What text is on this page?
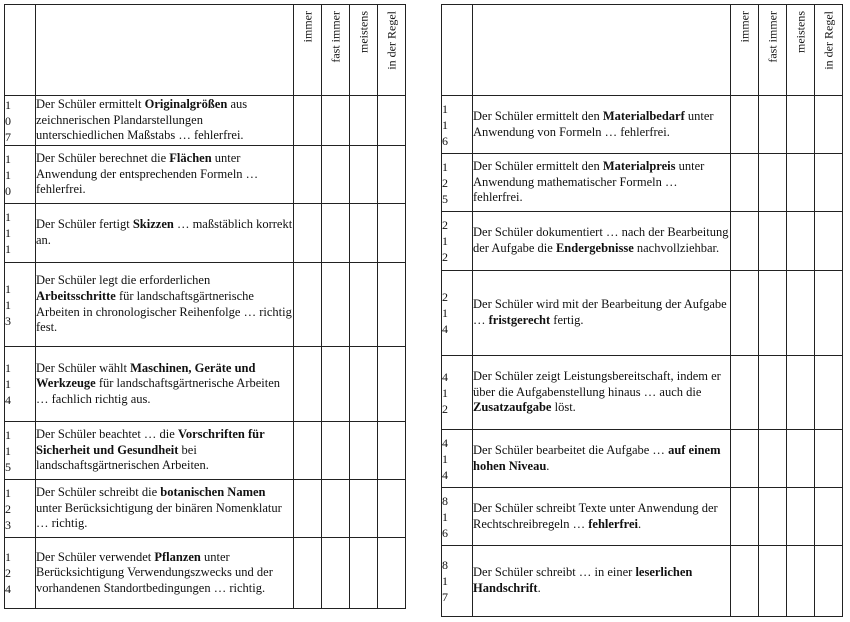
		immer	fast immer	meistens	in der Regel

1
0
7	Der Schüler ermittelt Originalgrößen aus zeichnerischen Plandarstellungen unterschiedlichen Maßstabs … fehlerfrei.				

1
1
0	Der Schüler berechnet die Flächen unter Anwendung der entsprechenden Formeln … fehlerfrei.				

1
1
1	Der Schüler fertigt Skizzen … maßstäblich korrekt an.				

1
1
3	Der Schüler legt die erforderlichen Arbeitsschritte für landschaftsgärtnerische Arbeiten in chronologischer Reihenfolge … richtig fest.				

1
1
4	Der Schüler wählt Maschinen, Geräte und Werkzeuge für landschaftsgärtnerische Arbeiten … fachlich richtig aus.				

1
1
5	Der Schüler beachtet … die Vorschriften für Sicherheit und Gesundheit bei landschaftsgärtnerischen Arbeiten.				

1
2
3	Der Schüler schreibt die botanischen Namen unter Berücksichtigung der binären Nomenklatur … richtig.				

1
2
4	Der Schüler verwendet Pflanzen unter Berücksichtigung Verwendungszwecks und der vorhandenen Standortbedingungen … richtig.				

		immer	fast immer	meistens	in der Regel

1
1
6	Der Schüler ermittelt den Materialbedarf unter Anwendung von Formeln … fehlerfrei.				

1
2
5	Der Schüler ermittelt den Materialpreis unter Anwendung mathematischer Formeln … fehlerfrei.				

2
1
2	Der Schüler dokumentiert … nach der Bearbeitung der Aufgabe die Endergebnisse nachvollziehbar.				

2
1
4	Der Schüler wird mit der Bearbeitung der Aufgabe … fristgerecht fertig.				

4
1
2	Der Schüler zeigt Leistungsbereitschaft, indem er über die Aufgabenstellung hinaus … auch die Zusatzaufgabe löst.				

4
1
4	Der Schüler bearbeitet die Aufgabe … auf einem hohen Niveau.				

8
1
6	Der Schüler schreibt Texte unter Anwendung der Rechtschreibregeln … fehlerfrei.				

8
1
7	Der Schüler schreibt … in einer leserlichen Handschrift.				
